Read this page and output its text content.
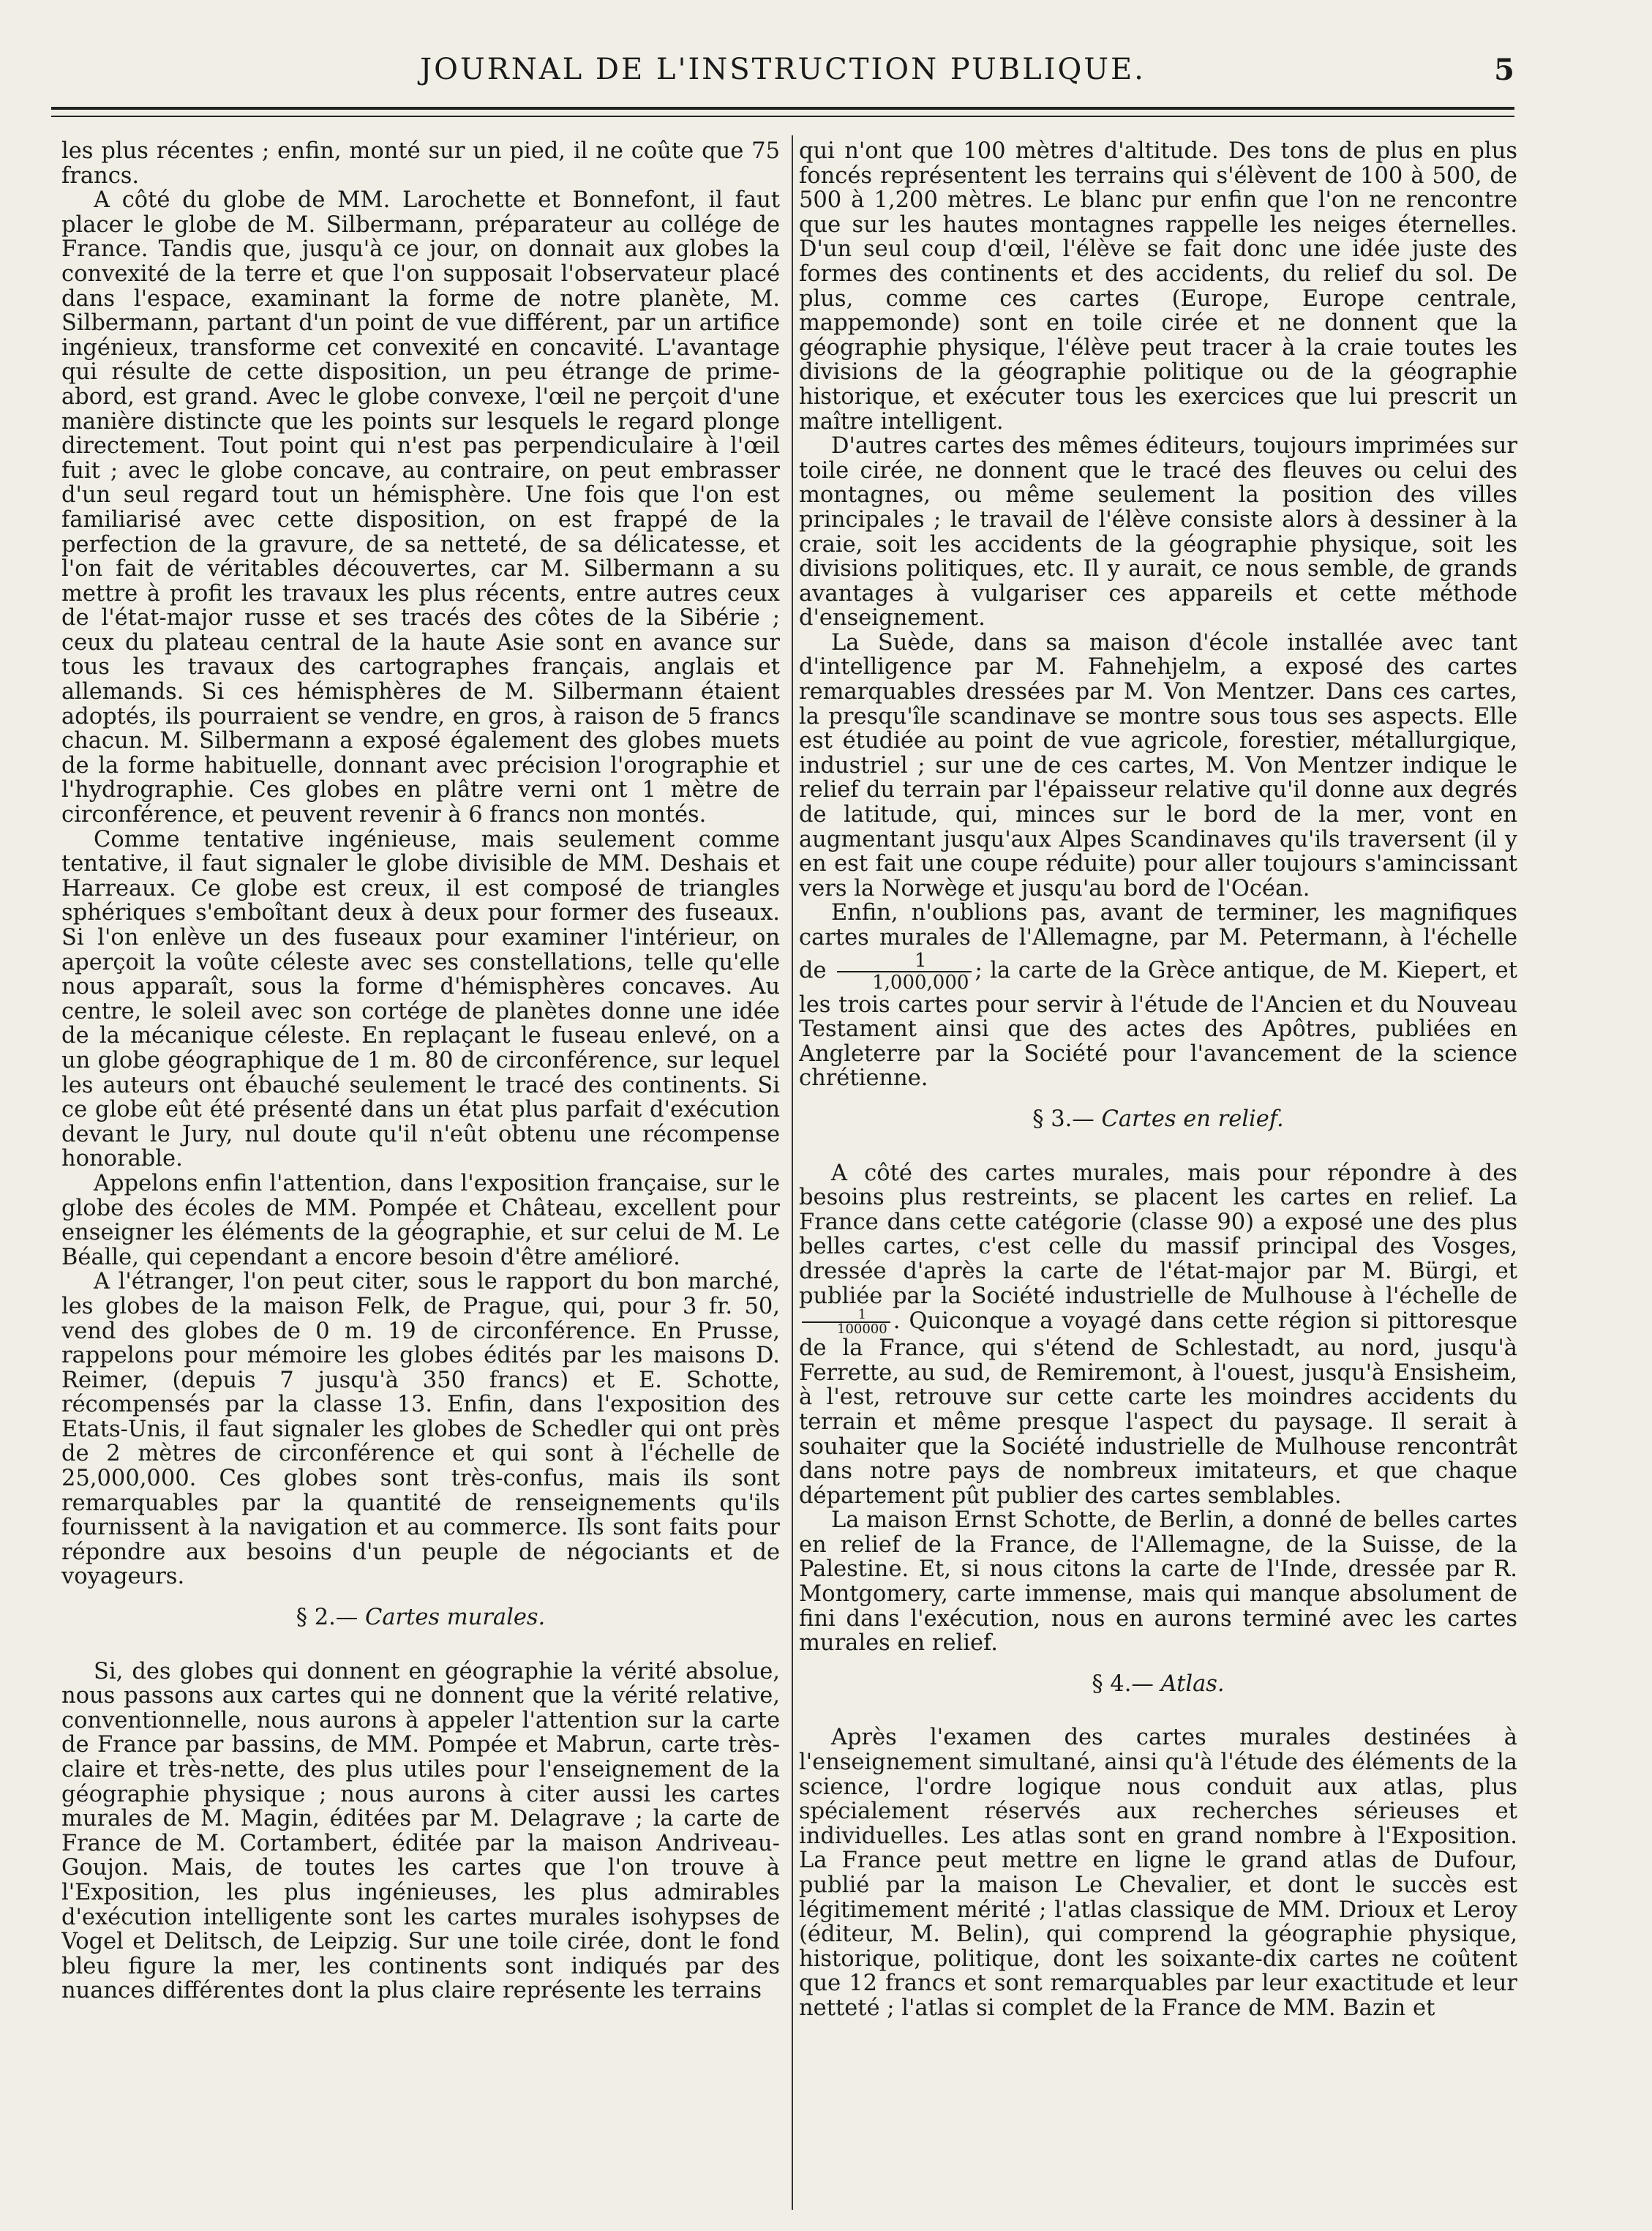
JOURNAL DE L'INSTRUCTION PUBLIQUE.	5

les plus récentes ; enfin, monté sur un pied, il ne coûte que 75 francs.

A côté du globe de MM. Larochette et Bonnefont, il faut placer le globe de M. Silbermann, préparateur au collége de France. Tandis que, jusqu'à ce jour, on donnait aux globes la convexité de la terre et que l'on supposait l'observateur placé dans l'espace, examinant la forme de notre planète, M. Silbermann, partant d'un point de vue différent, par un artifice ingénieux, transforme cet convexité en concavité. L'avantage qui résulte de cette disposition, un peu étrange de prime-abord, est grand. Avec le globe convexe, l'œil ne perçoit d'une manière distincte que les points sur lesquels le regard plonge directement. Tout point qui n'est pas perpendiculaire à l'œil fuit ; avec le globe concave, au contraire, on peut embrasser d'un seul regard tout un hémisphère. Une fois que l'on est familiarisé avec cette disposition, on est frappé de la perfection de la gravure, de sa netteté, de sa délicatesse, et l'on fait de véritables découvertes, car M. Silbermann a su mettre à profit les travaux les plus récents, entre autres ceux de l'état-major russe et ses tracés des côtes de la Sibérie ; ceux du plateau central de la haute Asie sont en avance sur tous les travaux des cartographes français, anglais et allemands. Si ces hémisphères de M. Silbermann étaient adoptés, ils pourraient se vendre, en gros, à raison de 5 francs chacun. M. Silbermann a exposé également des globes muets de la forme habituelle, donnant avec précision l'orographie et l'hydrographie. Ces globes en plâtre verni ont 1 mètre de circonférence, et peuvent revenir à 6 francs non montés.

Comme tentative ingénieuse, mais seulement comme tentative, il faut signaler le globe divisible de MM. Deshais et Harreaux. Ce globe est creux, il est composé de triangles sphériques s'emboîtant deux à deux pour former des fuseaux. Si l'on enlève un des fuseaux pour examiner l'intérieur, on aperçoit la voûte céleste avec ses constellations, telle qu'elle nous apparaît, sous la forme d'hémisphères concaves. Au centre, le soleil avec son cortége de planètes donne une idée de la mécanique céleste. En replaçant le fuseau enlevé, on a un globe géographique de 1 m. 80 de circonférence, sur lequel les auteurs ont ébauché seulement le tracé des continents. Si ce globe eût été présenté dans un état plus parfait d'exécution devant le Jury, nul doute qu'il n'eût obtenu une récompense honorable.

Appelons enfin l'attention, dans l'exposition française, sur le globe des écoles de MM. Pompée et Château, excellent pour enseigner les éléments de la géographie, et sur celui de M. Le Béalle, qui cependant a encore besoin d'être amélioré.

A l'étranger, l'on peut citer, sous le rapport du bon marché, les globes de la maison Felk, de Prague, qui, pour 3 fr. 50, vend des globes de 0 m. 19 de circonférence. En Prusse, rappelons pour mémoire les globes édités par les maisons D. Reimer, (depuis 7 jusqu'à 350 francs) et E. Schotte, récompensés par la classe 13. Enfin, dans l'exposition des Etats-Unis, il faut signaler les globes de Schedler qui ont près de 2 mètres de circonférence et qui sont à l'échelle de 25,000,000. Ces globes sont très-confus, mais ils sont remarquables par la quantité de renseignements qu'ils fournissent à la navigation et au commerce. Ils sont faits pour répondre aux besoins d'un peuple de négociants et de voyageurs.

§ 2.— Cartes murales.

Si, des globes qui donnent en géographie la vérité absolue, nous passons aux cartes qui ne donnent que la vérité relative, conventionnelle, nous aurons à appeler l'attention sur la carte de France par bassins, de MM. Pompée et Mabrun, carte très-claire et très-nette, des plus utiles pour l'enseignement de la géographie physique ; nous aurons à citer aussi les cartes murales de M. Magin, éditées par M. Delagrave ; la carte de France de M. Cortambert, éditée par la maison Andriveau-Goujon. Mais, de toutes les cartes que l'on trouve à l'Exposition, les plus ingénieuses, les plus admirables d'exécution intelligente sont les cartes murales isohypses de Vogel et Delitsch, de Leipzig. Sur une toile cirée, dont le fond bleu figure la mer, les continents sont indiqués par des nuances différentes dont la plus claire représente les terrains

qui n'ont que 100 mètres d'altitude. Des tons de plus en plus foncés représentent les terrains qui s'élèvent de 100 à 500, de 500 à 1,200 mètres. Le blanc pur enfin que l'on ne rencontre que sur les hautes montagnes rappelle les neiges éternelles. D'un seul coup d'œil, l'élève se fait donc une idée juste des formes des continents et des accidents, du relief du sol. De plus, comme ces cartes (Europe, Europe centrale, mappemonde) sont en toile cirée et ne donnent que la géographie physique, l'élève peut tracer à la craie toutes les divisions de la géographie politique ou de la géographie historique, et exécuter tous les exercices que lui prescrit un maître intelligent.

D'autres cartes des mêmes éditeurs, toujours imprimées sur toile cirée, ne donnent que le tracé des fleuves ou celui des montagnes, ou même seulement la position des villes principales ; le travail de l'élève consiste alors à dessiner à la craie, soit les accidents de la géographie physique, soit les divisions politiques, etc. Il y aurait, ce nous semble, de grands avantages à vulgariser ces appareils et cette méthode d'enseignement.

La Suède, dans sa maison d'école installée avec tant d'intelligence par M. Fahnehjelm, a exposé des cartes remarquables dressées par M. Von Mentzer. Dans ces cartes, la presqu'île scandinave se montre sous tous ses aspects. Elle est étudiée au point de vue agricole, forestier, métallurgique, industriel ; sur une de ces cartes, M. Von Mentzer indique le relief du terrain par l'épaisseur relative qu'il donne aux degrés de latitude, qui, minces sur le bord de la mer, vont en augmentant jusqu'aux Alpes Scandinaves qu'ils traversent (il y en est fait une coupe réduite) pour aller toujours s'amincissant vers la Norwège et jusqu'au bord de l'Océan.

Enfin, n'oublions pas, avant de terminer, les magnifiques cartes murales de l'Allemagne, par M. Petermann, à l'échelle de $\frac{1}{1,000,000}$ ; la carte de la Grèce antique, de M. Kiepert, et les trois cartes pour servir à l'étude de l'Ancien et du Nouveau Testament ainsi que des actes des Apôtres, publiées en Angleterre par la Société pour l'avancement de la science chrétienne.

§ 3.— Cartes en relief.

A côté des cartes murales, mais pour répondre à des besoins plus restreints, se placent les cartes en relief. La France dans cette catégorie (classe 90) a exposé une des plus belles cartes, c'est celle du massif principal des Vosges, dressée d'après la carte de l'état-major par M. Bürgi, et publiée par la Société industrielle de Mulhouse à l'échelle de
$\frac{1}{100000}$ . Quiconque a voyagé dans cette région si pittoresque de la France, qui s'étend de Schlestadt, au nord, jusqu'à Ferrette, au sud, de Remiremont, à l'ouest, jusqu'à Ensisheim, à l'est, retrouve sur cette carte les moindres accidents du terrain et même presque l'aspect du paysage. Il serait à souhaiter que la Société industrielle de Mulhouse rencontrât dans notre pays de nombreux imitateurs, et que chaque département pût publier des cartes semblables.

La maison Ernst Schotte, de Berlin, a donné de belles cartes en relief de la France, de l'Allemagne, de la Suisse, de la Palestine. Et, si nous citons la carte de l'Inde, dressée par R. Montgomery, carte immense, mais qui manque absolument de fini dans l'exécution, nous en aurons terminé avec les cartes murales en relief.

§ 4.— Atlas.

Après l'examen des cartes murales destinées à l'enseignement simultané, ainsi qu'à l'étude des éléments de la science, l'ordre logique nous conduit aux atlas, plus spécialement réservés aux recherches sérieuses et individuelles. Les atlas sont en grand nombre à l'Exposition. La France peut mettre en ligne le grand atlas de Dufour, publié par la maison Le Chevalier, et dont le succès est légitimement mérité ; l'atlas classique de MM. Drioux et Leroy (éditeur, M. Belin), qui comprend la géographie physique, historique, politique, dont les soixante-dix cartes ne coûtent que 12 francs et sont remarquables par leur exactitude et leur netteté ; l'atlas si complet de la France de MM. Bazin et
